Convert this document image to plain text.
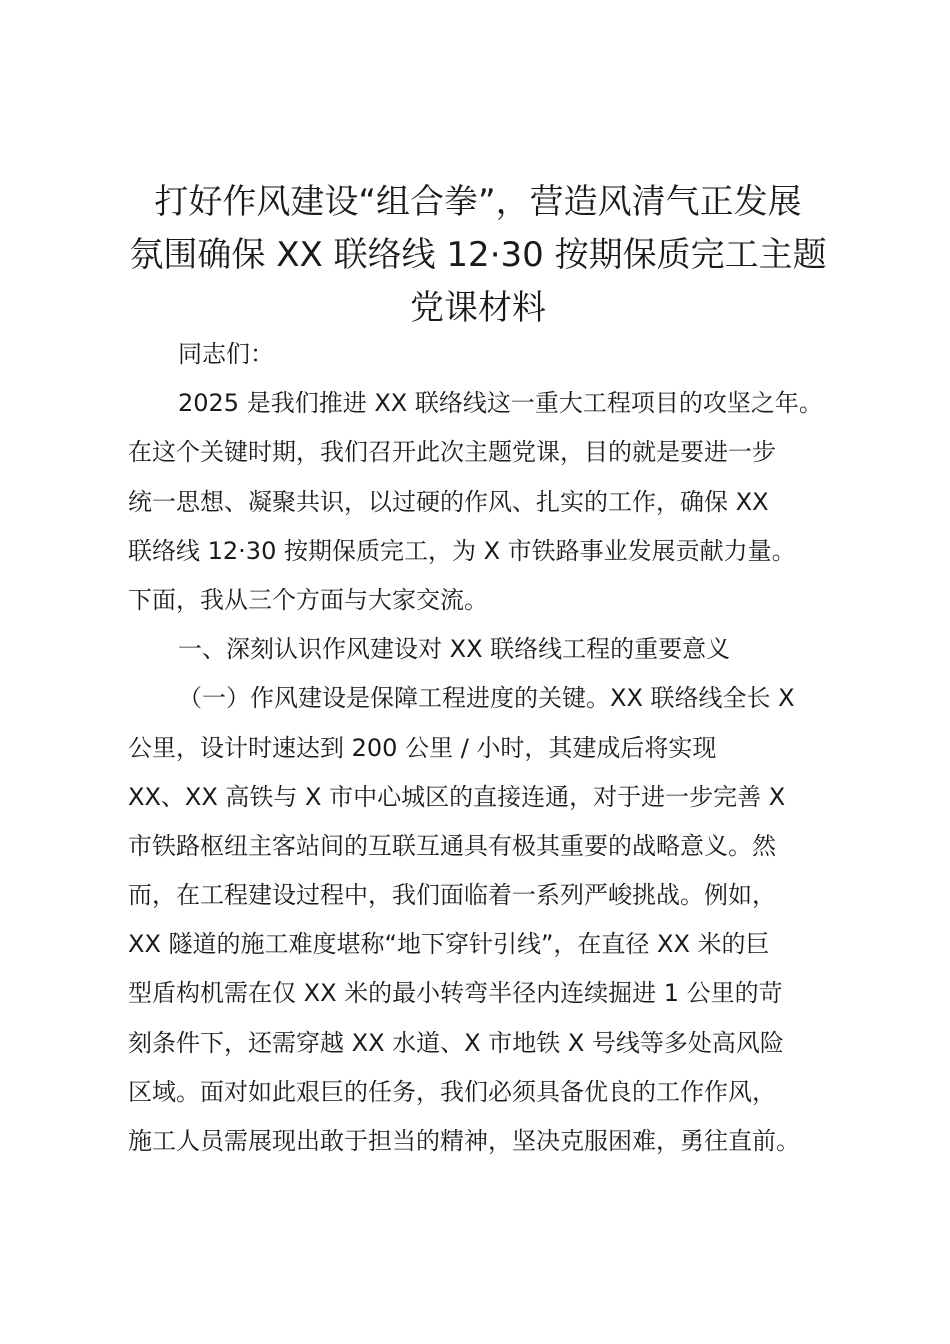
打好作风建设“组合拳”，营造风清气正发展
氛围确保 XX 联络线 12·30 按期保质完工主题
党课材料
同志们：
2025 是我们推进 XX 联络线这一重大工程项目的攻坚之年。
在这个关键时期，我们召开此次主题党课，目的就是要进一步
统一思想、凝聚共识，以过硬的作风、扎实的工作，确保 XX
联络线 12·30 按期保质完工，为 X 市铁路事业发展贡献力量。
下面，我从三个方面与大家交流。
一、深刻认识作风建设对 XX 联络线工程的重要意义
（一）作风建设是保障工程进度的关键。XX 联络线全长 X
公里，设计时速达到 200 公里 / 小时，其建成后将实现
XX、XX 高铁与 X 市中心城区的直接连通，对于进一步完善 X
市铁路枢纽主客站间的互联互通具有极其重要的战略意义。然
而，在工程建设过程中，我们面临着一系列严峻挑战。例如，
XX 隧道的施工难度堪称“地下穿针引线”，在直径 XX 米的巨
型盾构机需在仅 XX 米的最小转弯半径内连续掘进 1 公里的苛
刻条件下，还需穿越 XX 水道、X 市地铁 X 号线等多处高风险
区域。面对如此艰巨的任务，我们必须具备优良的工作作风，
施工人员需展现出敢于担当的精神，坚决克服困难，勇往直前。
